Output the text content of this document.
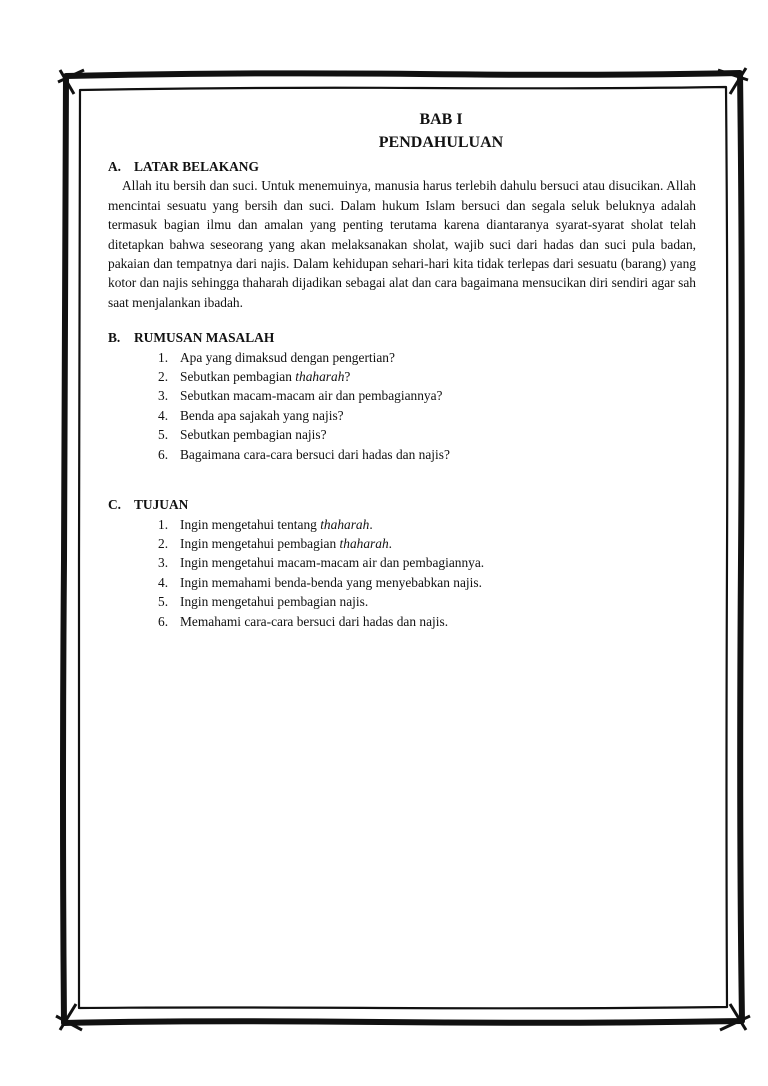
BAB I
PENDAHULUAN
A. LATAR BELAKANG

Allah itu bersih dan suci. Untuk menemuinya, manusia harus terlebih dahulu bersuci atau disucikan. Allah mencintai sesuatu yang bersih dan suci. Dalam hukum Islam bersuci dan segala seluk beluknya adalah termasuk bagian ilmu dan amalan yang penting terutama karena diantaranya syarat-syarat sholat telah ditetapkan bahwa seseorang yang akan melaksanakan sholat, wajib suci dari hadas dan suci pula badan, pakaian dan tempatnya dari najis. Dalam kehidupan sehari-hari kita tidak terlepas dari sesuatu (barang) yang kotor dan najis sehingga thaharah dijadikan sebagai alat dan cara bagaimana mensucikan diri sendiri agar sah saat menjalankan ibadah.

B.	RUMUSAN MASALAH
1. Apa yang dimaksud dengan pengertian?
2. Sebutkan pembagian thaharah?
3. Sebutkan macam-macam air dan pembagiannya?
4. Benda apa sajakah yang najis?
5. Sebutkan pembagian najis?
6. Bagaimana cara-cara bersuci dari hadas dan najis?
C. TUJUAN
1. Ingin mengetahui tentang thaharah.
2. Ingin mengetahui pembagian thaharah.
3. Ingin mengetahui macam-macam air dan pembagiannya.
4. Ingin memahami benda-benda yang menyebabkan najis.
5. Ingin mengetahui pembagian najis.
6. Memahami cara-cara bersuci dari hadas dan najis.
